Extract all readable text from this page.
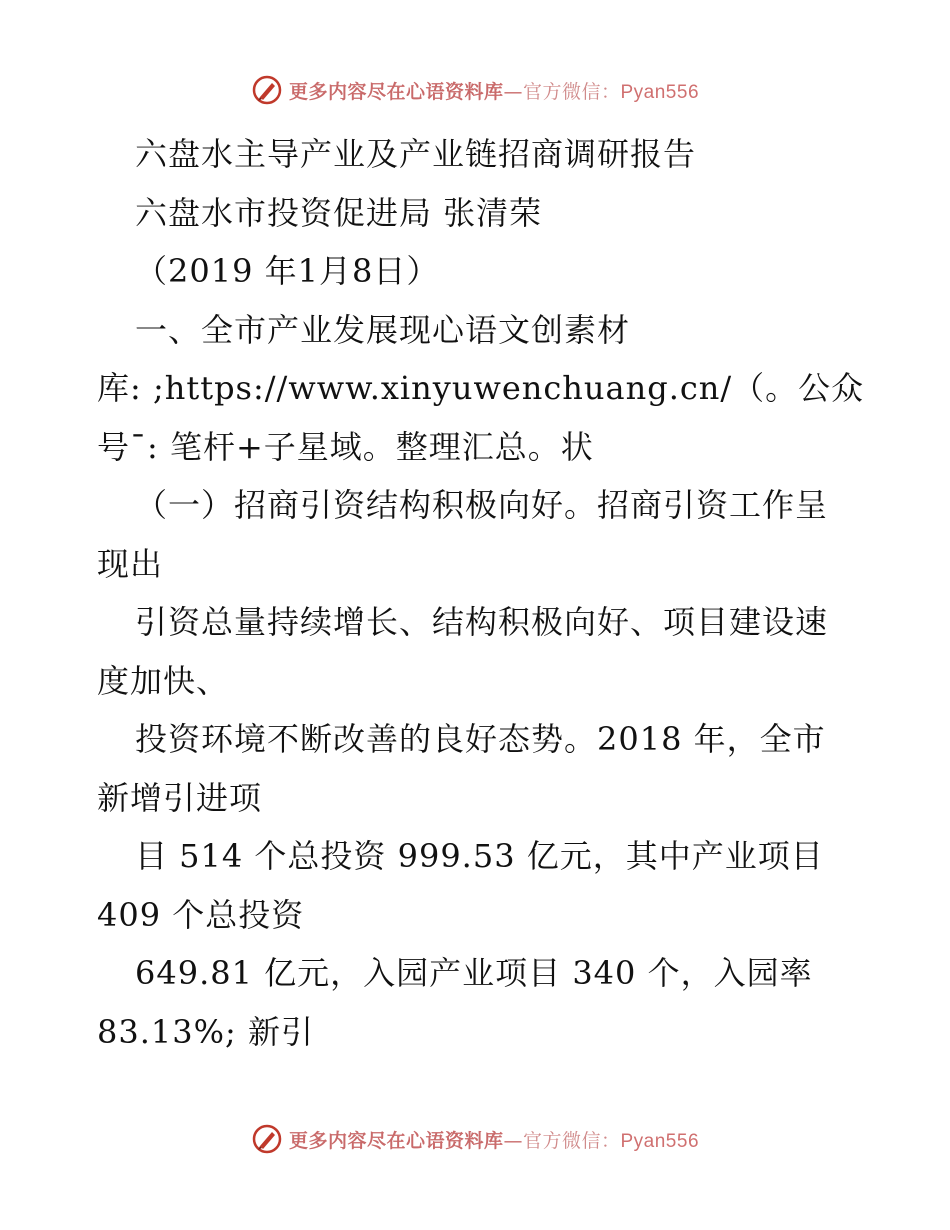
更多内容尽在心语资料库—官方微信：Pyan556
六盘水主导产业及产业链招商调研报告
六盘水市投资促进局 张清荣
（2019 年1月8日）
一、全市产业发展现心语文创素材
库: ;https://www.xinyuwenchuang.cn/（。公众
号¯: 笔杆+子星域。整理汇总。状
（一）招商引资结构积极向好。招商引资工作呈
现出
引资总量持续增长、结构积极向好、项目建设速
度加快、
投资环境不断改善的良好态势。2018 年，全市
新增引进项
目 514 个总投资 999.53 亿元，其中产业项目
409 个总投资
649.81 亿元，入园产业项目 340 个，入园率
83.13%; 新引
更多内容尽在心语资料库—官方微信：Pyan556
